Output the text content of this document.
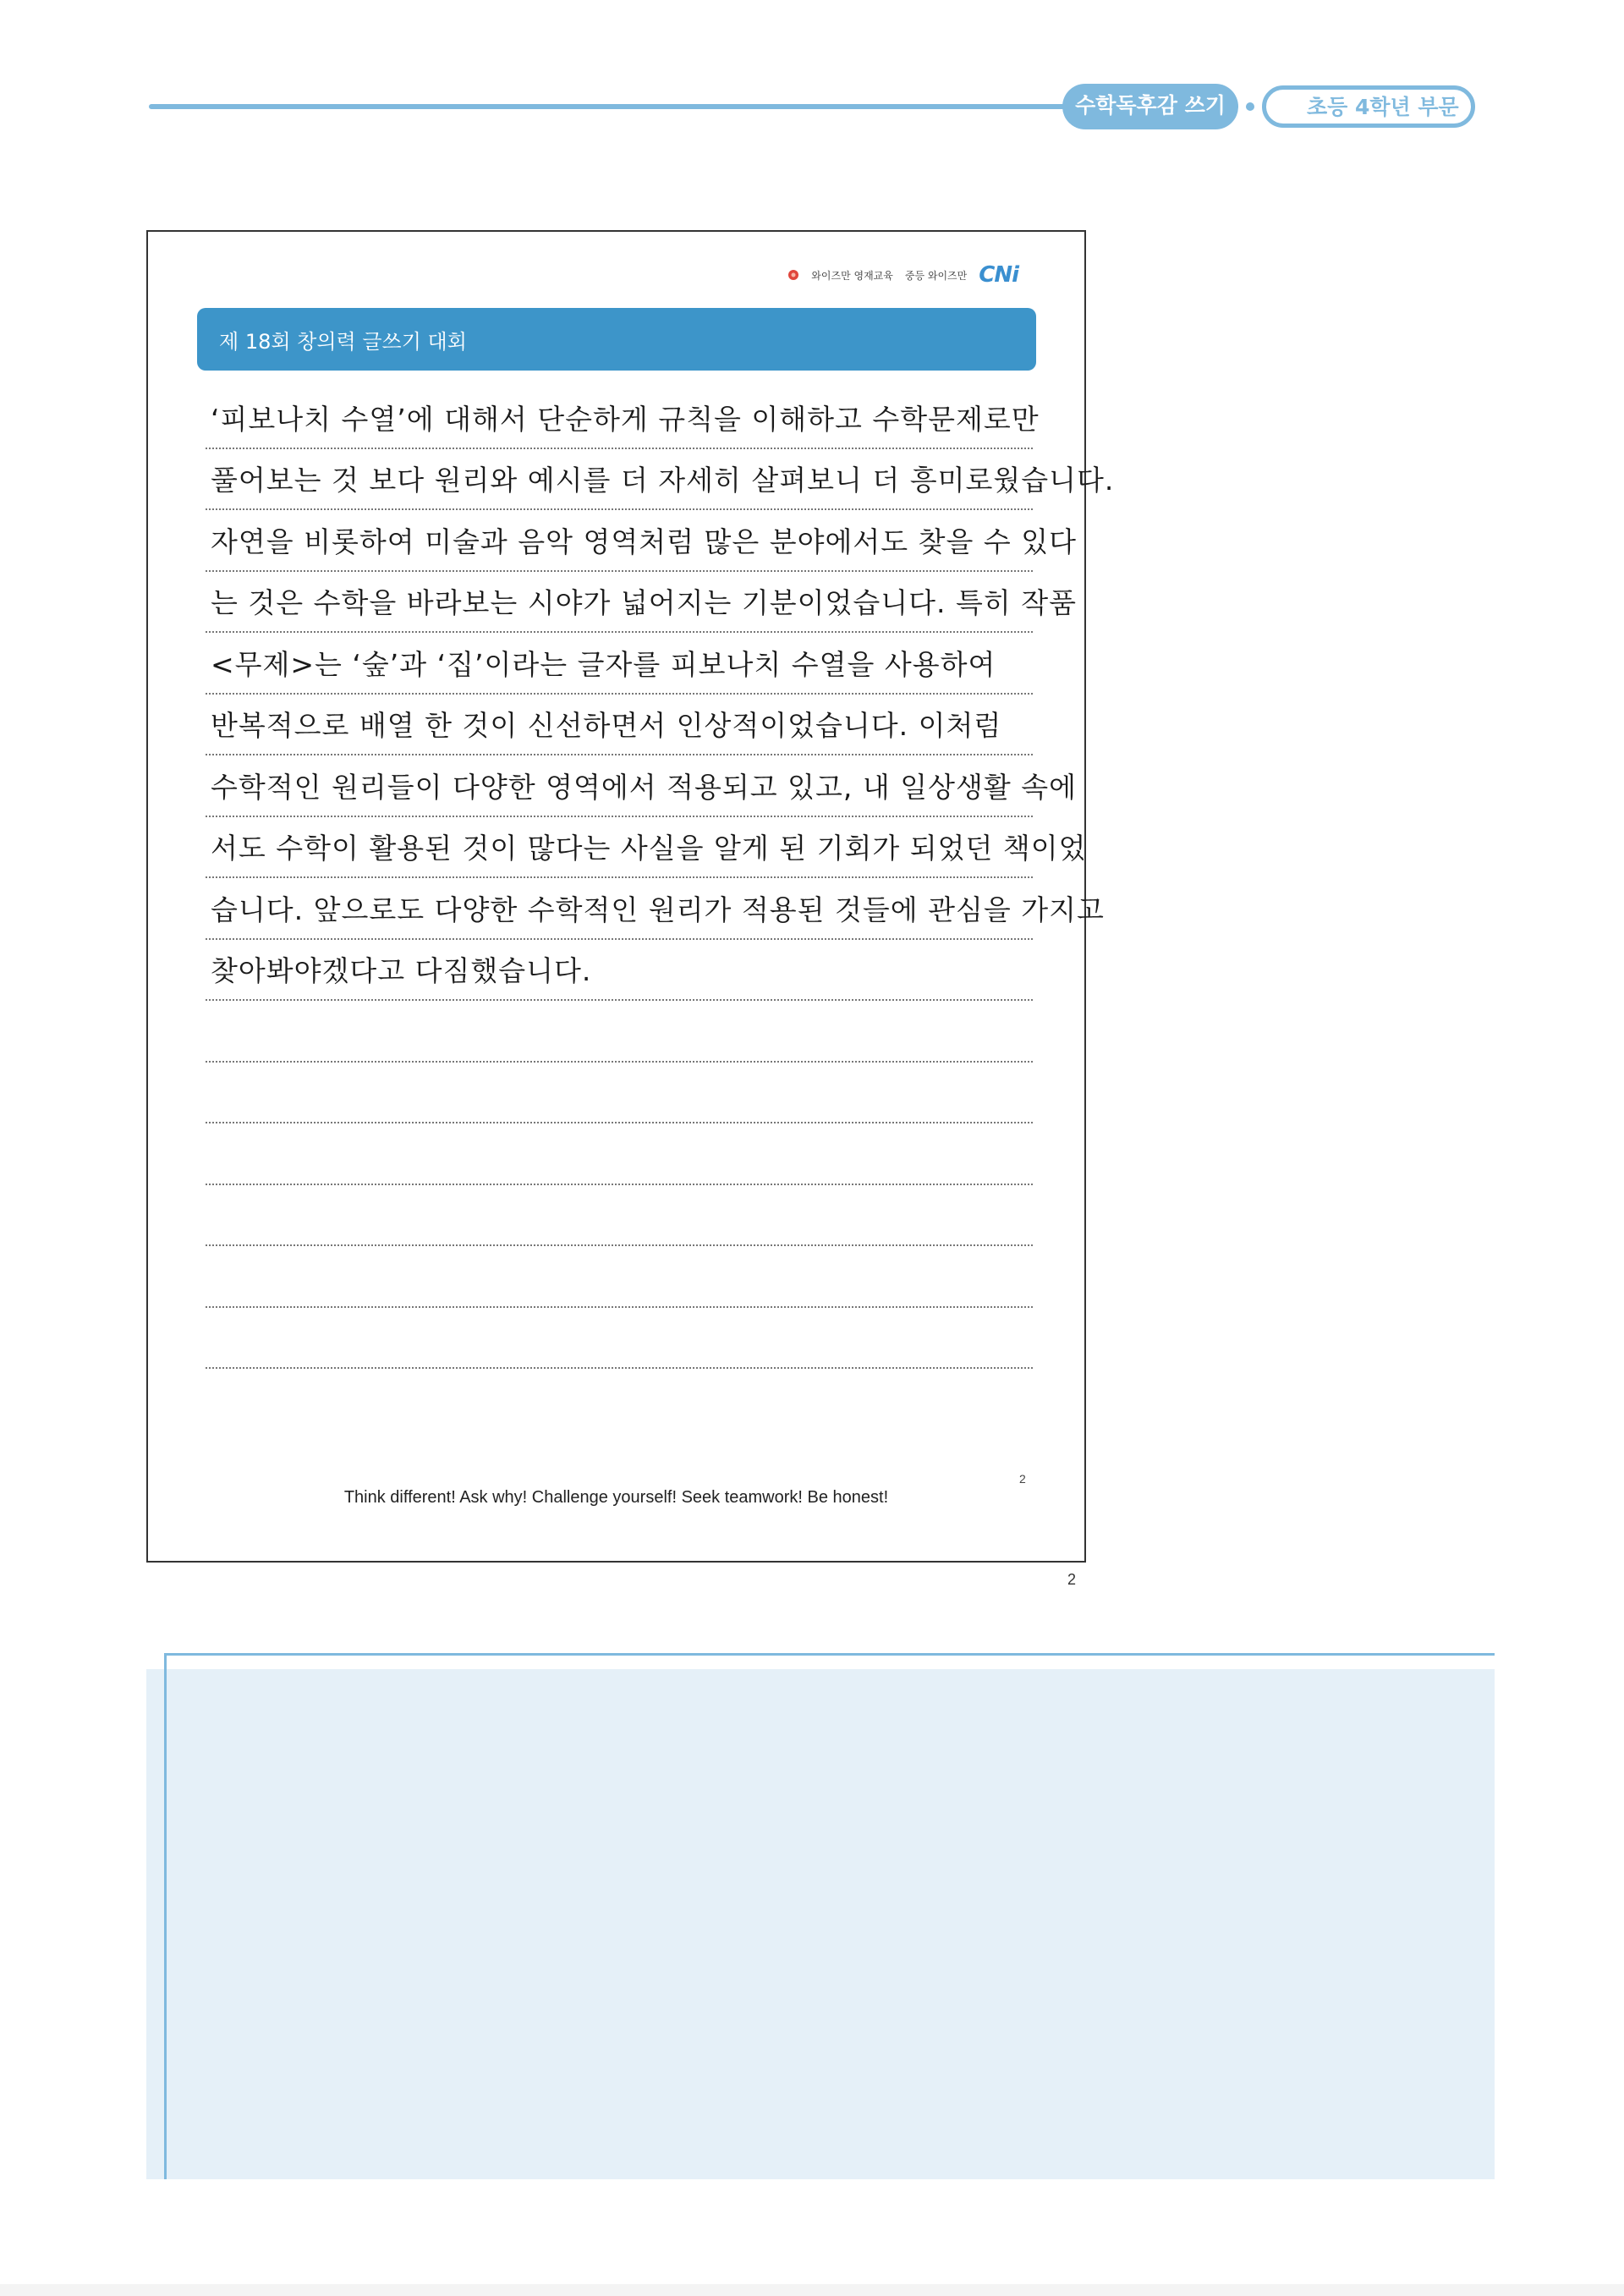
수학독후감 쓰기	초등 4학년 부문
와이즈만 영재교육 중등 와이즈만 CNi
제 18회 창의력 글쓰기 대회
‘피보나치 수열’에 대해서 단순하게 규칙을 이해하고 수학문제로만
풀어보는 것 보다 원리와 예시를 더 자세히 살펴보니 더 흥미로웠습니다.
자연을 비롯하여 미술과 음악 영역처럼 많은 분야에서도 찾을 수 있다
는 것은 수학을 바라보는 시야가 넓어지는 기분이었습니다. 특히 작품
<무제>는 ‘숲’과 ‘집’이라는 글자를 피보나치 수열을 사용하여
반복적으로 배열 한 것이 신선하면서 인상적이었습니다. 이처럼
수학적인 원리들이 다양한 영역에서 적용되고 있고, 내 일상생활 속에
서도 수학이 활용된 것이 많다는 사실을 알게 된 기회가 되었던 책이었
습니다. 앞으로도 다양한 수학적인 원리가 적용된 것들에 관심을 가지고
찾아봐야겠다고 다짐했습니다.
2
Think different! Ask why! Challenge yourself! Seek teamwork! Be honest!
2
